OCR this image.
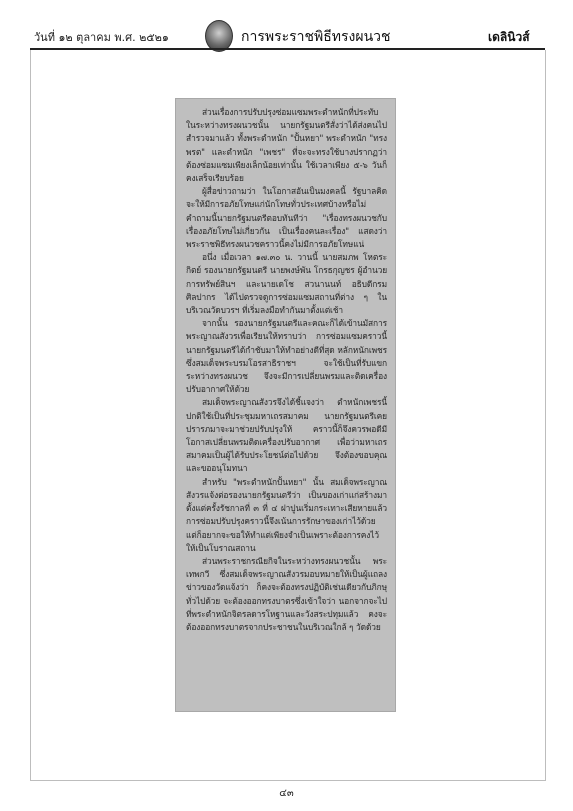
วันที่ ๑๒ ตุลาคม พ.ศ. ๒๕๒๑	การพระราชพิธีทรงผนวช	เดลินิวส์

ส่วนเรื่องการปรับปรุงซ่อมแซมพระตำหนักที่ประทับในระหว่างทรงผนวชนั้น นายกรัฐมนตรีสั่งว่าได้ส่งคนไปสำรวจมาแล้ว ทั้งพระตำหนัก "ปั้นหยา" พระตำหนัก "ทรงพรต" และตำหนัก "เพชร" ที่จะจะทรงใช้บางปรากฏว่าต้องซ่อมแซมเพียงเล็กน้อยเท่านั้น ใช้เวลาเพียง ๕-๖ วันก็คงเสร็จเรียบร้อย

ผู้สื่อข่าวถามว่า ในโอกาสอันเป็นมงคลนี้ รัฐบาลคิดจะให้มีการอภัยโทษแก่นักโทษทั่วประเทศบ้างหรือไม่ คำถามนี้นายกรัฐมนตรีตอบทันทีว่า "เรื่องทรงผนวชกับเรื่องอภัยโทษไม่เกี่ยวกัน เป็นเรื่องคนละเรื่อง" แสดงว่า พระราชพิธีทรงผนวชคราวนี้คงไม่มีการอภัยโทษแน่

อนึ่ง เมื่อเวลา ๑๗.๓๐ น. วานนี้ นายสมภพ โหตระกิตย์ รองนายกรัฐมนตรี นายพงษ์พัน โกรธกุญชร ผู้อำนวยการทรัพย์สินฯ และนายเดโช สวนานนท์ อธิบดีกรมศิลปากร ได้ไปตรวจดูการซ่อมแซมสถานที่ต่าง ๆ ในบริเวณวัดบวรฯ ที่เริ่มลงมือทำกันมาตั้งแต่เช้า

จากนั้น รองนายกรัฐมนตรีและคณะก็ได้เข้านมัสการพระญาณสังวรเพื่อเรียนให้ทราบว่า การซ่อมแซมคราวนี้นายกรัฐมนตรีได้กำชับมาให้ทำอย่างดีที่สุด หลักหนักเพชรซึ่งสมเด็จพระบรมโอรสาธิราชฯ จะใช้เป็นที่รับแขกระหว่างทรงผนวช จึงจะมีการเปลี่ยนพรมและติดเครื่องปรับอากาศให้ด้วย

สมเด็จพระญาณสังวรจึงได้ชี้แจงว่า ตำหนักเพชรนี้ปกติใช้เป็นที่ประชุมมหาเถรสมาคม นายกรัฐมนตรีเคยปรารภมาจะมาช่วยปรับปรุงให้ คราวนี้ก็จึงควรพอดีมีโอกาสเปลี่ยนพรมติดเครื่องปรับอากาศ เพื่อว่ามหาเถรสมาคมเป็นผู้ได้รับประโยชน์ต่อไปด้วย จึงต้องขอบคุณและขออนุโมทนา

สำหรับ "พระตำหนักปั้นหยา" นั้น สมเด็จพระญาณสังวรแจ้งต่อรองนายกรัฐมนตรีว่า เป็นของเก่าแก่สร้างมาตั้งแต่ครั้งรัชกาลที่ ๓ ที่ ๔ ฝาปูนเริ่มกระเทาะเสียหายแล้ว การซ่อมปรับปรุงคราวนี้จึงเน้นการรักษาของเก่าไว้ด้วย แต่ก็อยากจะขอให้ทำแต่เพียงจำเป็นเพราะต้องการคงไว้ให้เป็นโบราณสถาน

ส่วนพระราชกรณียกิจในระหว่างทรงผนวชนั้น พระเทพกวี ซึ่งสมเด็จพระญาณสังวรมอบหมายให้เป็นผู้แถลงข่าวของวัดแจ้งว่า ก็คงจะต้องทรงปฏิบัติเช่นเดียวกับภิกษุทั่วไปด้วย จะต้องออกทรงบาตรซึ่งเข้าใจว่า นอกจากจะไปที่พระตำหนักจิตรลดารโหฐานและวังสระปทุมแล้ว คงจะต้องออกทรงบาตรจากประชาชนในบริเวณใกล้ ๆ วัดด้วย

๔๓
